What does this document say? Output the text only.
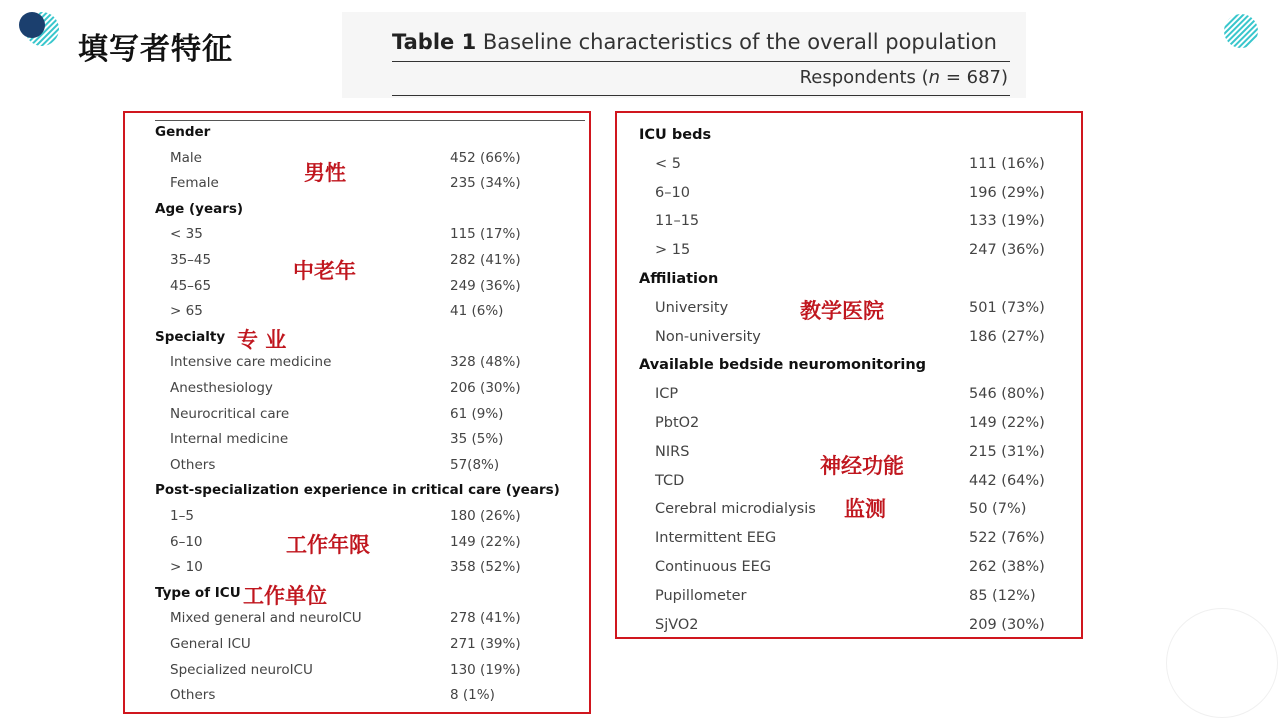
填写者特征	Table 1 Baseline characteristics of the overall population
Respondents (n = 687)
Gender
Male	452 (66%)
Female	235 (34%)
Age (years)
< 35	115 (17%)
35–45	282 (41%)
45–65	249 (36%)
> 65	41 (6%)
Specialty
Intensive care medicine	328 (48%)
Anesthesiology	206 (30%)
Neurocritical care	61 (9%)
Internal medicine	35 (5%)
Others	57(8%)
Post-specialization experience in critical care (years)
1–5	180 (26%)
6–10	149 (22%)
> 10	358 (52%)
Type of ICU
Mixed general and neuroICU	278 (41%)
General ICU	271 (39%)
Specialized neuroICU	130 (19%)
Others	8 (1%)
ICU beds
< 5	111 (16%)
6–10	196 (29%)
11–15	133 (19%)
> 15	247 (36%)
Affiliation
University	501 (73%)
Non-university	186 (27%)
Available bedside neuromonitoring
ICP	546 (80%)
PbtO2	149 (22%)
NIRS	215 (31%)
TCD	442 (64%)
Cerebral microdialysis	50 (7%)
Intermittent EEG	522 (76%)
Continuous EEG	262 (38%)
Pupillometer	85 (12%)
SjVO2	209 (30%)
男性
中老年
专 业
工作年限
工作单位
教学医院
神经功能
监测
